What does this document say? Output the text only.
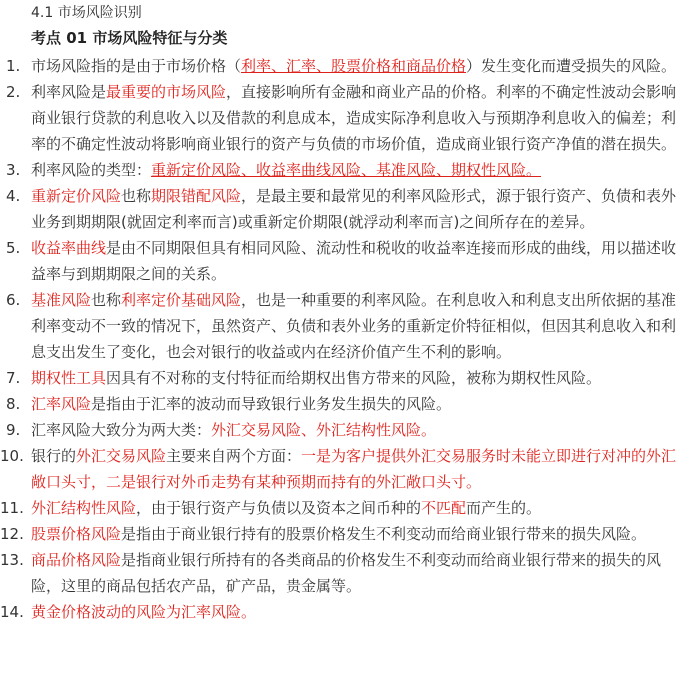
4.1 市场风险识别
考点 01 市场风险特征与分类
1. 市场风险指的是由于市场价格（利率、汇率、股票价格和商品价格）发生变化而遭受损失的风险。
2. 利率风险是最重要的市场风险，直接影响所有金融和商业产品的价格。利率的不确定性波动会影响商业银行贷款的利息收入以及借款的利息成本，造成实际净利息收入与预期净利息收入的偏差；利率的不确定性波动将影响商业银行的资产与负债的市场价值，造成商业银行资产净值的潜在损失。
3. 利率风险的类型：重新定价风险、收益率曲线风险、基准风险、期权性风险。
4. 重新定价风险也称期限错配风险，是最主要和最常见的利率风险形式，源于银行资产、负债和表外业务到期期限(就固定利率而言)或重新定价期限(就浮动利率而言)之间所存在的差异。
5. 收益率曲线是由不同期限但具有相同风险、流动性和税收的收益率连接而形成的曲线，用以描述收益率与到期期限之间的关系。
6. 基准风险也称利率定价基础风险，也是一种重要的利率风险。在利息收入和利息支出所依据的基准利率变动不一致的情况下，虽然资产、负债和表外业务的重新定价特征相似，但因其利息收入和利息支出发生了变化，也会对银行的收益或内在经济价值产生不利的影响。
7. 期权性工具因具有不对称的支付特征而给期权出售方带来的风险，被称为期权性风险。
8. 汇率风险是指由于汇率的波动而导致银行业务发生损失的风险。
9. 汇率风险大致分为两大类：外汇交易风险、外汇结构性风险。
10. 银行的外汇交易风险主要来自两个方面：一是为客户提供外汇交易服务时未能立即进行对冲的外汇敞口头寸，二是银行对外币走势有某种预期而持有的外汇敞口头寸。
11. 外汇结构性风险，由于银行资产与负债以及资本之间币种的不匹配而产生的。
12. 股票价格风险是指由于商业银行持有的股票价格发生不利变动而给商业银行带来的损失风险。
13. 商品价格风险是指商业银行所持有的各类商品的价格发生不利变动而给商业银行带来的损失的风险，这里的商品包括农产品，矿产品，贵金属等。
14. 黄金价格波动的风险为汇率风险。
